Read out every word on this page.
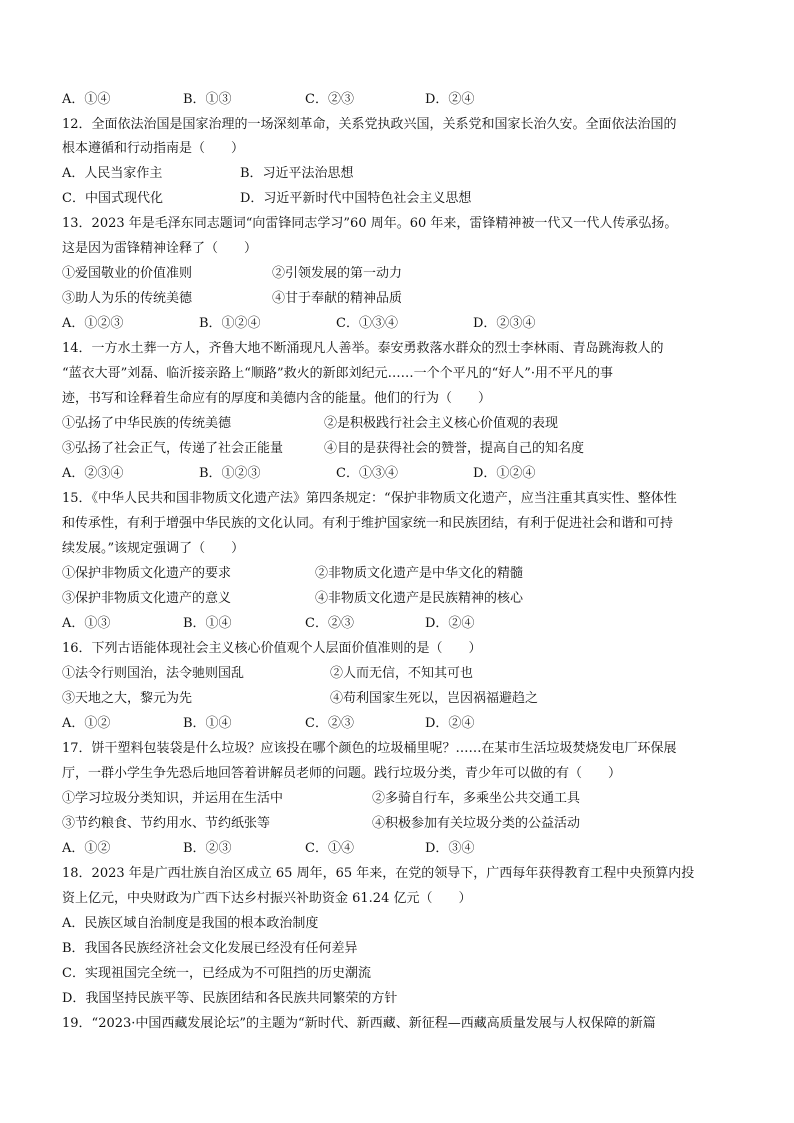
A．①④	B．①③	C．②③	D．②④
12．全面依法治国是国家治理的一场深刻革命，关系党执政兴国，关系党和国家长治久安。全面依法治国的
根本遵循和行动指南是（　　）
A．人民当家作主	B．习近平法治思想
C．中国式现代化	D．习近平新时代中国特色社会主义思想
13．2023 年是毛泽东同志题词“向雷锋同志学习”60 周年。60 年来，雷锋精神被一代又一代人传承弘扬。
这是因为雷锋精神诠释了（　　）
①爱国敬业的价值准则	②引领发展的第一动力
③助人为乐的传统美德	④甘于奉献的精神品质
A．①②③	B．①②④	C．①③④	D．②③④
14．一方水土葬一方人，齐鲁大地不断涌现凡人善举。泰安勇救落水群众的烈士李林雨、青岛跳海救人的
“蓝衣大哥”刘磊、临沂接亲路上“顺路”救火的新郎刘纪元……一个个平凡的“好人”·用不平凡的事
迹，书写和诠释着生命应有的厚度和美德内含的能量。他们的行为（　　）
①弘扬了中华民族的传统美德	②是积极践行社会主义核心价值观的表现
③弘扬了社会正气，传递了社会正能量	④目的是获得社会的赞誉，提高自己的知名度
A．②③④	B．①②③	C．①③④	D．①②④
15．《中华人民共和国非物质文化遗产法》第四条规定：“保护非物质文化遗产，应当注重其真实性、整体性
和传承性，有利于增强中华民族的文化认同。有利于维护国家统一和民族团结，有利于促进社会和谐和可持
续发展。”该规定强调了（　　）
①保护非物质文化遗产的要求	②非物质文化遗产是中华文化的精髓
③保护非物质文化遗产的意义	④非物质文化遗产是民族精神的核心
A．①③	B．①④	C．②③	D．②④
16．下列古语能体现社会主义核心价值观个人层面价值准则的是（　　）
①法令行则国治，法令驰则国乱	②人而无信，不知其可也
③天地之大，黎元为先	④苟利国家生死以，岂因祸福避趋之
A．①②	B．①④	C．②③	D．②④
17．饼干塑料包装袋是什么垃圾？应该投在哪个颜色的垃圾桶里呢？……在某市生活垃圾焚烧发电厂环保展
厅，一群小学生争先恐后地回答着讲解员老师的问题。践行垃圾分类，青少年可以做的有（　　）
①学习垃圾分类知识，并运用在生活中	②多骑自行车，多乘坐公共交通工具
③节约粮食、节约用水、节约纸张等	④积极参加有关垃圾分类的公益活动
A．①②	B．②③	C．①④	D．③④
18．2023 年是广西壮族自治区成立 65 周年，65 年来，在党的领导下，广西每年获得教育工程中央预算内投
资上亿元，中央财政为广西下达乡村振兴补助资金 61.24 亿元（　　）
A．民族区域自治制度是我国的根本政治制度
B．我国各民族经济社会文化发展已经没有任何差异
C．实现祖国完全统一，已经成为不可阻挡的历史潮流
D．我国坚持民族平等、民族团结和各民族共同繁荣的方针
19．“2023·中国西藏发展论坛”的主题为“新时代、新西藏、新征程—西藏高质量发展与人权保障的新篇
